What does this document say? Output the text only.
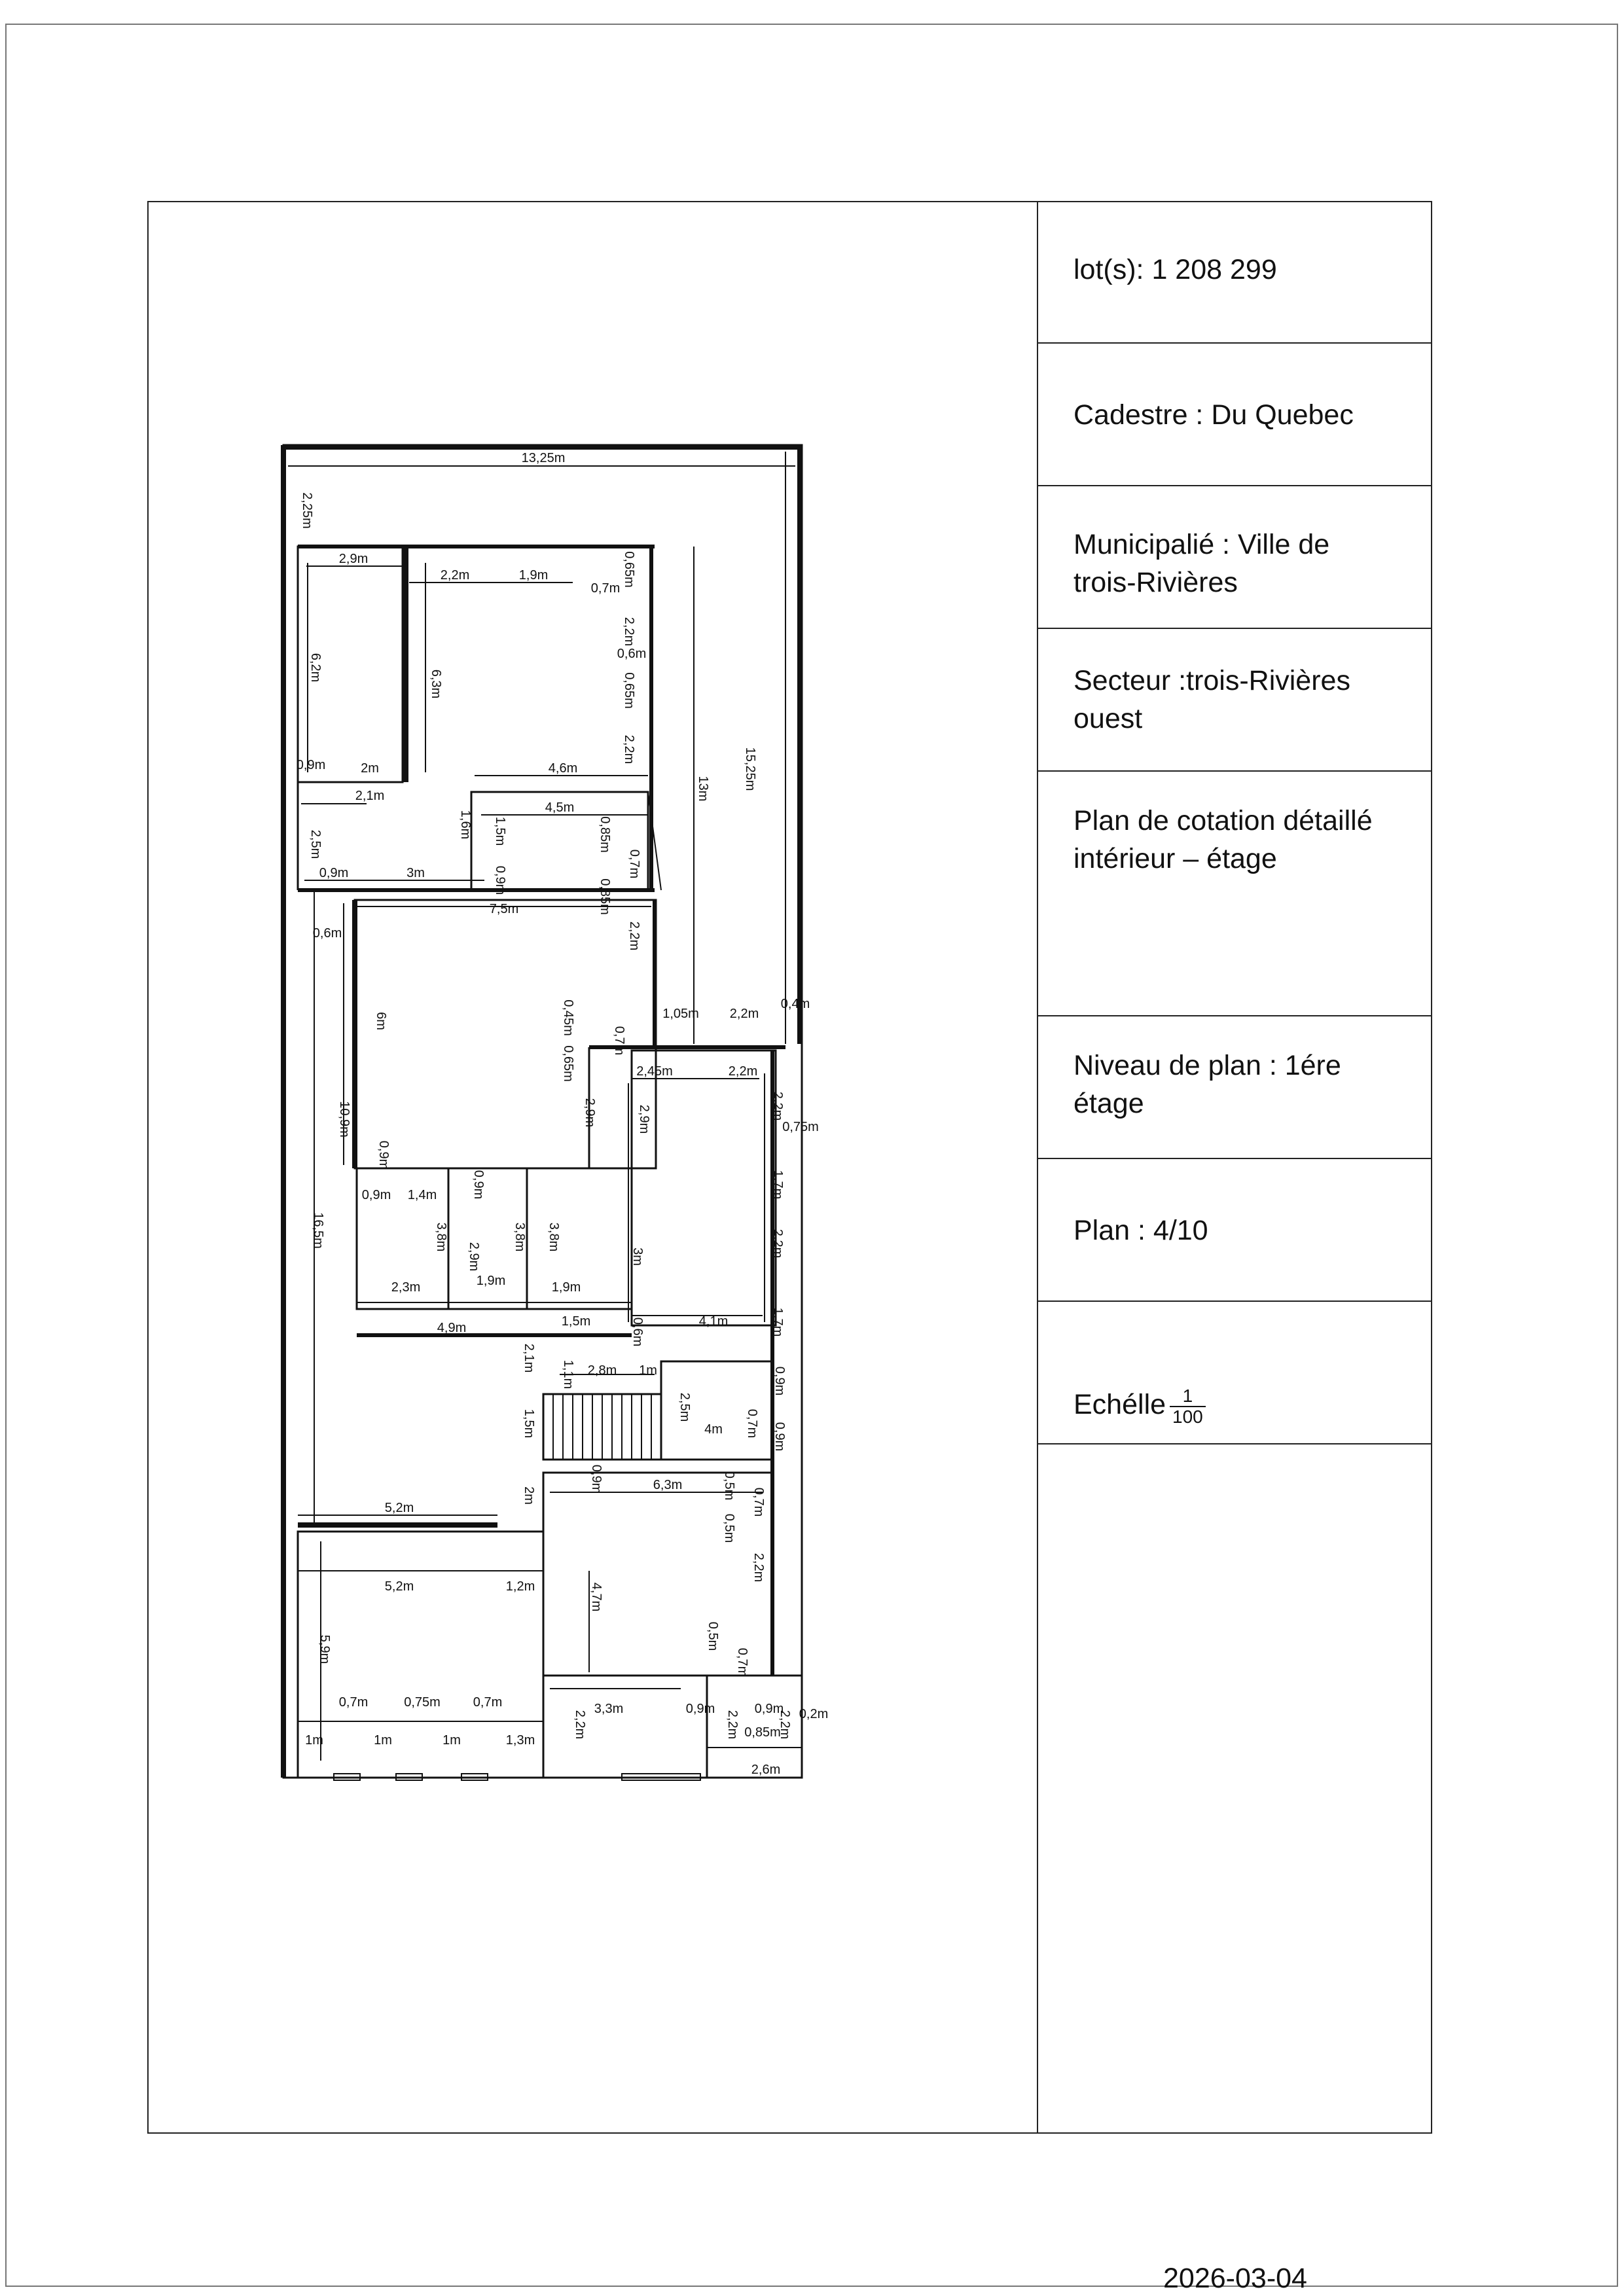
13,25m
2,9m
2,2m	1,9m
0,7m
0,6m
0,9m	2m	4,6m
2,1m
4,5m
0,9m	3m
7,5m
0,6m
1,05m 2,2m
0,4m
2,45m	2,2m
0,75m
0,9m 1,4m
2,3m	1,9m	1,9m
4,9m	1,5m	4,1m
2,8m 1m
4m
5,2m
6,3m
5,2m	1,2m
0,7m	0,75m 0,7m	3,3m	0,9m	0,9m 0,2m
1m	1m	1m	1,3m
0,85m
2,6m
2,25m
0,65m
2,2m
0,65m
6,2m
6,3m
13m	15,25m
2,2m
1,6m 1,5m	0,85m
0,7m
2,5m
0,9m	0,85m
2,2m
6m	0,45m
0,7m
0,65m
10,9m	2,9m	2,9m	2,2m
0,9m
0,9m	1,7m
16,5m	3,8m
2,9m
3,8m 3,8m
3m	2,2m
0,6m	1,7m
2,1m
1,1m	0,9m
2,5m
1,5m	0,7m 0,9m
0,9m	0,5m
0,7m
2m
0,5m
4,7m
2,2m
0,5m
5,9m	0,7m
2,2m	2,2m	2,2m
lot(s): 1 208 299
Cadestre : Du Quebec
Municipalié : Ville de
trois-Rivières
Secteur :trois-Rivières
ouest
Plan de cotation détaillé
intérieur – étage
Niveau de plan : 1ére
étage
Plan : 4/10

Echélle $\frac{1}{100}$

2026-03-04
